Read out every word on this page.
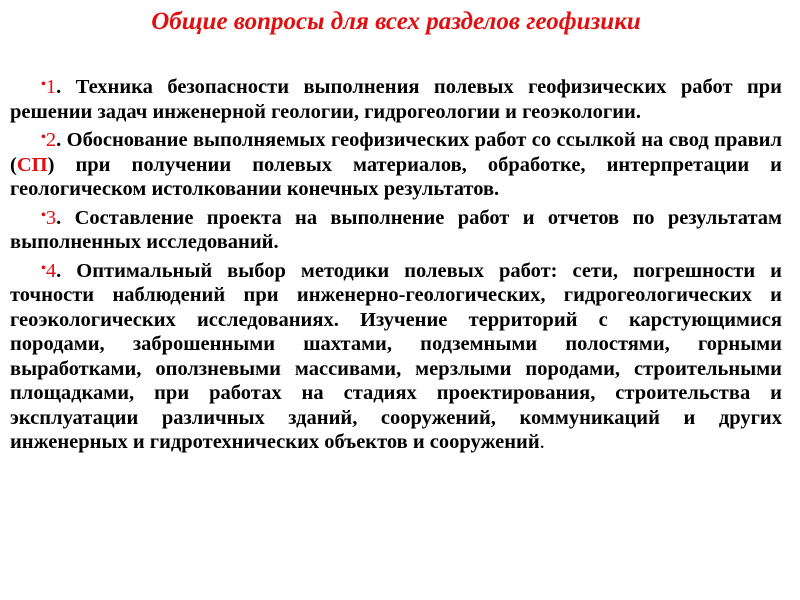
Общие вопросы для всех разделов геофизики

•1. Техника безопасности выполнения полевых геофизических работ при решении задач инженерной геологии, гидрогеологии и геоэкологии.

•2. Обоснование выполняемых геофизических работ со ссылкой на свод правил (СП) при получении полевых материалов, обработке, интерпретации и геологическом истолковании конечных результатов.

•3. Составление проекта на выполнение работ и отчетов по результатам выполненных исследований.

•4. Оптимальный выбор методики полевых работ: сети, погрешности и точности наблюдений при инженерно-геологических, гидрогеологических и геоэкологических исследованиях. Изучение территорий с карстующимися породами, заброшенными шахтами, подземными полостями, горными выработками, оползневыми массивами, мерзлыми породами, строительными площадками, при работах на стадиях проектирования, строительства и эксплуатации различных зданий, сооружений, коммуникаций и других инженерных и гидротехнических объектов и сооружений.
